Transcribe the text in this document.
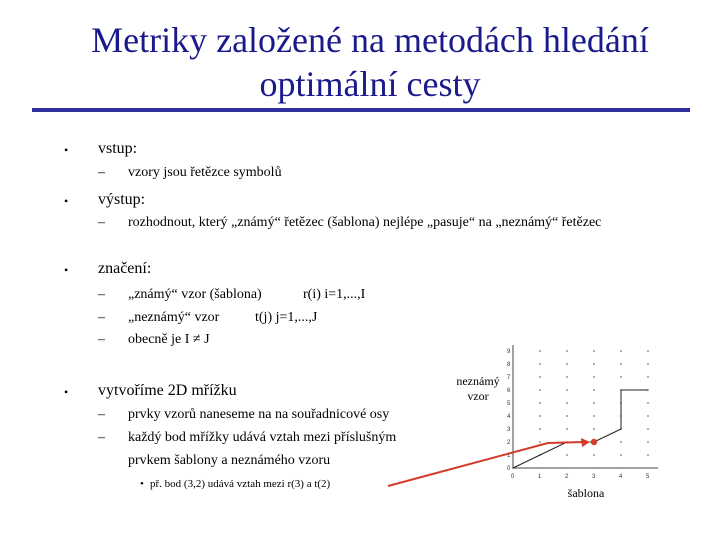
Metriky založené na metodách hledání
optimální cesty
• vstup:
– vzory jsou řetězce symbolů
• výstup:
– rozhodnout, který „známý“ řetězec (šablona) nejlépe „pasuje“ na „neznámý“ řetězec
• značení:
– „známý“ vzor (šablona)	r(i) i=1,...,I
– „neznámý“ vzor	t(j) j=1,...,J
– obecně je I ≠ J
• vytvoříme 2D mřížku
– prvky vzorů naneseme na na souřadnicové osy
– každý bod mřížky udává vztah mezi příslušným
prvkem šablony a neznámého vzoru
• př. bod (3,2) udává vztah mezi r(3) a t(2)
neznámý
vzor
šablona
0	1	2	3	4	5
0
1
2
3
4
5
6
7
8
9
